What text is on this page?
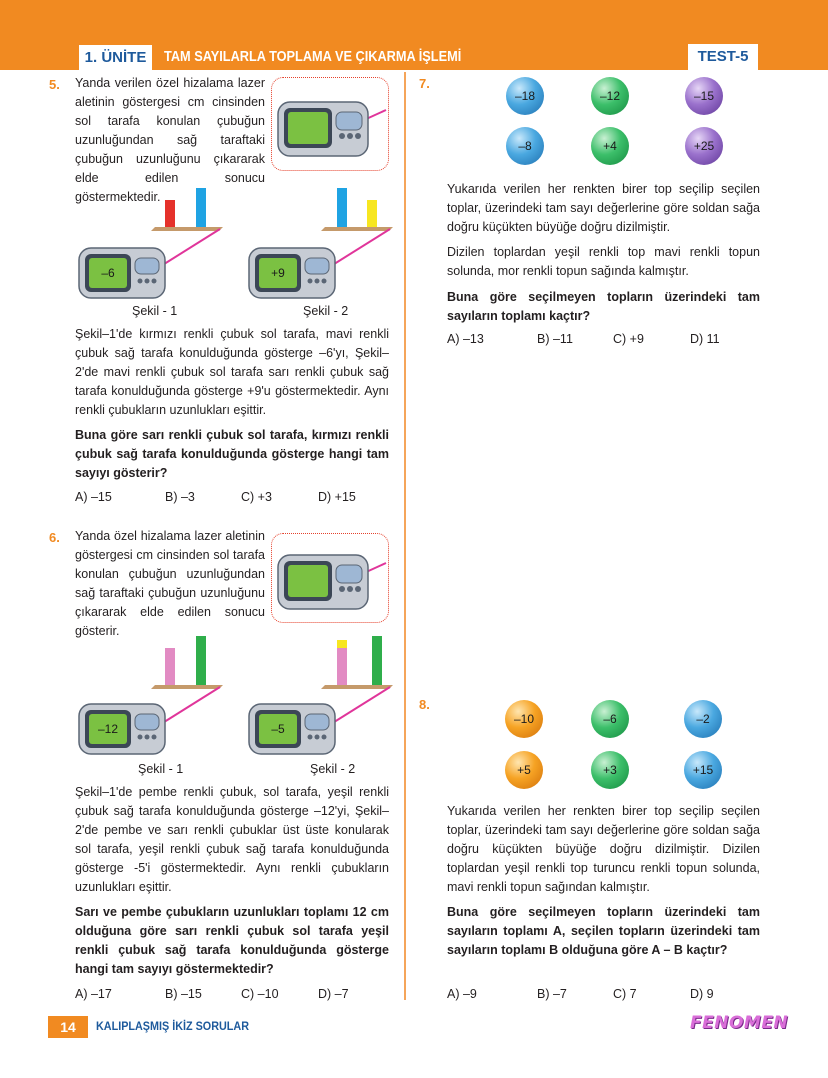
1. ÜNİTE	TAM SAYILARLA TOPLAMA VE ÇIKARMA İŞLEMİ	TEST-5
5. Yanda verilen özel hizalama lazer aletinin göstergesi cm cinsinden sol tarafa konulan çubuğun uzunluğundan sağ taraftaki çubuğun uzunluğunu çıkararak elde edilen sonucu göstermektedir.
–6
Şekil - 1
+9
Şekil - 2
Şekil–1'de kırmızı renkli çubuk sol tarafa, mavi renkli çubuk sağ tarafa konulduğunda gösterge –6'yı, Şekil–2'de mavi renkli çubuk sol tarafa sarı renkli çubuk sağ tarafa konulduğunda gösterge +9'u göstermektedir. Aynı renkli çubukların uzunlukları eşittir.
Buna göre sarı renkli çubuk sol tarafa, kırmızı renkli çubuk sağ tarafa konulduğunda gösterge hangi tam sayıyı gösterir?
A) –15	B) –3	C) +3	D) +15
6. Yanda özel hizalama lazer aletinin göstergesi cm cinsinden sol tarafa konulan çubuğun uzunluğundan sağ taraftaki çubuğun uzunluğunu çıkararak elde edilen sonucu gösterir.
–12
Şekil - 1
–5
Şekil - 2
Şekil–1'de pembe renkli çubuk, sol tarafa, yeşil renkli çubuk sağ tarafa konulduğunda gösterge –12'yi, Şekil–2'de pembe ve sarı renkli çubuklar üst üste konularak sol tarafa, yeşil renkli çubuk sağ tarafa konulduğunda gösterge -5'i göstermektedir. Aynı renkli çubukların uzunlukları eşittir.
Sarı ve pembe çubukların uzunlukları toplamı 12 cm olduğuna göre sarı renkli çubuk sol tarafa yeşil renkli çubuk sağ tarafa konulduğunda gösterge hangi tam sayıyı göstermektedir?
A) –17	B) –15	C) –10	D) –7
7.
–18	–12	–15
–8	+4	+25
Yukarıda verilen her renkten birer top seçilip seçilen toplar, üzerindeki tam sayı değerlerine göre soldan sağa doğru küçükten büyüğe doğru dizilmiştir.
Dizilen toplardan yeşil renkli top mavi renkli topun solunda, mor renkli topun sağında kalmıştır.
Buna göre seçilmeyen topların üzerindeki tam sayıların toplamı kaçtır?
A) –13	B) –11	C) +9	D) 11
8.
–10	–6	–2
+5	+3	+15
Yukarıda verilen her renkten birer top seçilip seçilen toplar, üzerindeki tam sayı değerlerine göre soldan sağa doğru küçükten büyüğe doğru dizilmiştir. Dizilen toplardan yeşil renkli top turuncu renkli topun solunda, mavi renkli topun sağından kalmıştır.
Buna göre seçilmeyen topların üzerindeki tam sayıların toplamı A, seçilen topların üzerindeki tam sayıların toplamı B olduğuna göre A – B kaçtır?
A) –9	B) –7	C) 7	D) 9
14	KALIPLAŞMIŞ İKİZ SORULAR	FENOMEN
